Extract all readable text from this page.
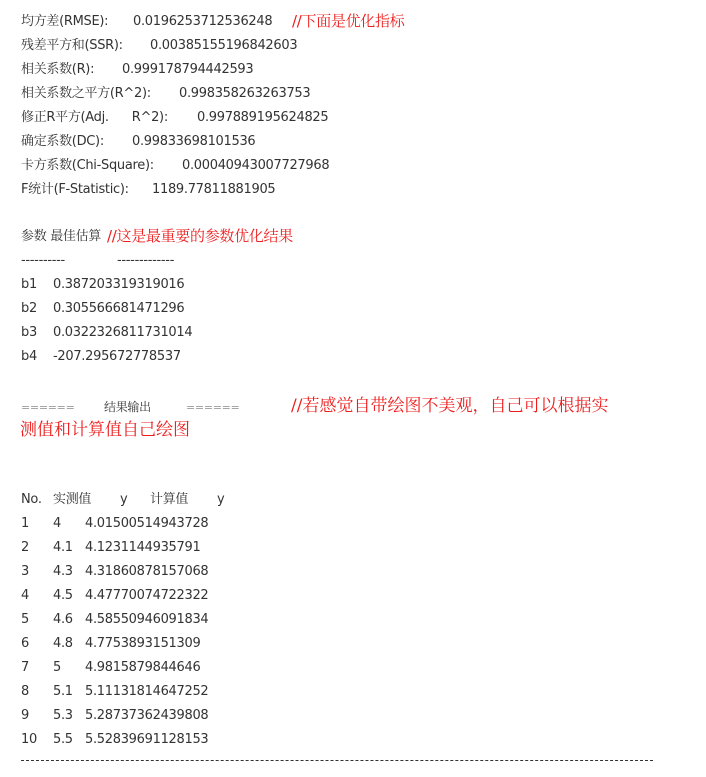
均方差(RMSE): 0.0196253712536248 //下面是优化指标
残差平方和(SSR): 0.00385155196842603
相关系数(R): 0.999178794442593
相关系数之平方(R^2): 0.998358263263753
修正R平方(Adj.      R^2): 0.997889195624825
确定系数(DC): 0.99833698101536
卡方系数(Chi-Square): 0.00040943007727968
F统计(F-Statistic): 1189.77811881905
参数 最佳估算 //这是最重要的参数优化结果
----------	-------------
b1 0.387203319319016
b2 0.305566681471296
b3 0.0322326811731014
b4 -207.295672778537
====== 结果输出	======	//若感觉自带绘图不美观，自己可以根据实
测值和计算值自己绘图
No. 实测值 y 计算值 y
1 4 4.01500514943728
2 4.1 4.1231144935791
3 4.3 4.31860878157068
4 4.5 4.47770074722322
5 4.6 4.58550946091834
6 4.8 4.7753893151309
7 5 4.9815879844646
8 5.1 5.11131814647252
9 5.3 5.28737362439808
10 5.5 5.52839691128153
